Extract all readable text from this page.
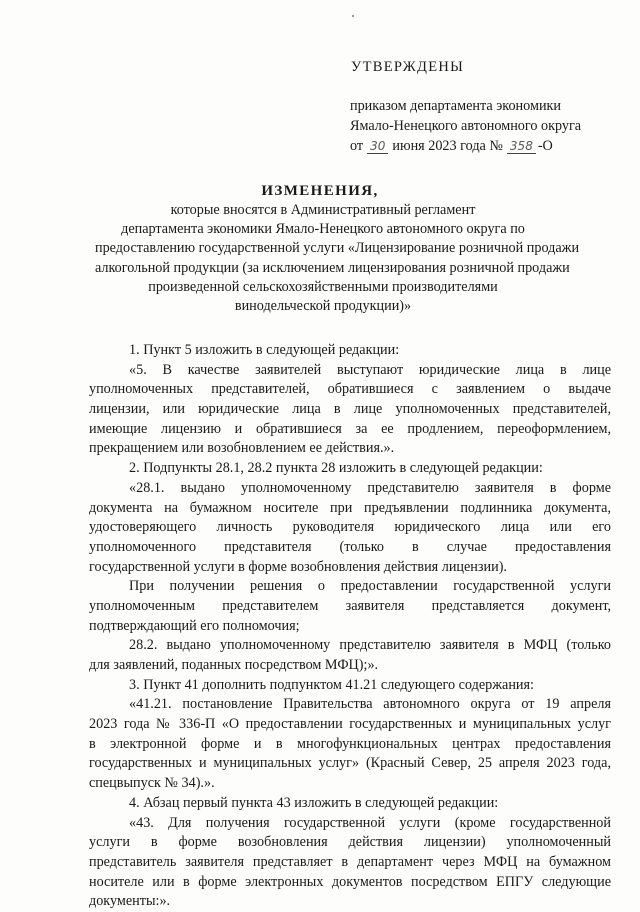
УТВЕРЖДЕНЫ
приказом департамента экономики
Ямало-Ненецкого автономного округа
от 30 июня 2023 года № 358 -О
ИЗМЕНЕНИЯ,
которые вносятся в Административный регламент
департамента экономики Ямало-Ненецкого автономного округа по
предоставлению государственной услуги «Лицензирование розничной продажи
алкогольной продукции (за исключением лицензирования розничной продажи
произведенной сельскохозяйственными производителями
винодельческой продукции)»
1. Пункт 5 изложить в следующей редакции:
«5. В качестве заявителей выступают юридические лица в лице
уполномоченных представителей, обратившиеся с заявлением о выдаче
лицензии, или юридические лица в лице уполномоченных представителей,
имеющие лицензию и обратившиеся за ее продлением, переоформлением,
прекращением или возобновлением ее действия.».
2. Подпункты 28.1, 28.2 пункта 28 изложить в следующей редакции:
«28.1. выдано уполномоченному представителю заявителя в форме
документа на бумажном носителе при предъявлении подлинника документа,
удостоверяющего личность руководителя юридического лица или его
уполномоченного представителя (только в случае предоставления
государственной услуги в форме возобновления действия лицензии).
При получении решения о предоставлении государственной услуги
уполномоченным представителем заявителя представляется документ,
подтверждающий его полномочия;
28.2. выдано уполномоченному представителю заявителя в МФЦ (только
для заявлений, поданных посредством МФЦ);».
3. Пункт 41 дополнить подпунктом 41.21 следующего содержания:
«41.21. постановление Правительства автономного округа от 19 апреля
2023 года № 336-П «О предоставлении государственных и муниципальных услуг
в электронной форме и в многофункциональных центрах предоставления
государственных и муниципальных услуг» (Красный Север, 25 апреля 2023 года,
спецвыпуск № 34).».
4. Абзац первый пункта 43 изложить в следующей редакции:
«43. Для получения государственной услуги (кроме государственной
услуги в форме возобновления действия лицензии) уполномоченный
представитель заявителя представляет в департамент через МФЦ на бумажном
носителе или в форме электронных документов посредством ЕПГУ следующие
документы:».
